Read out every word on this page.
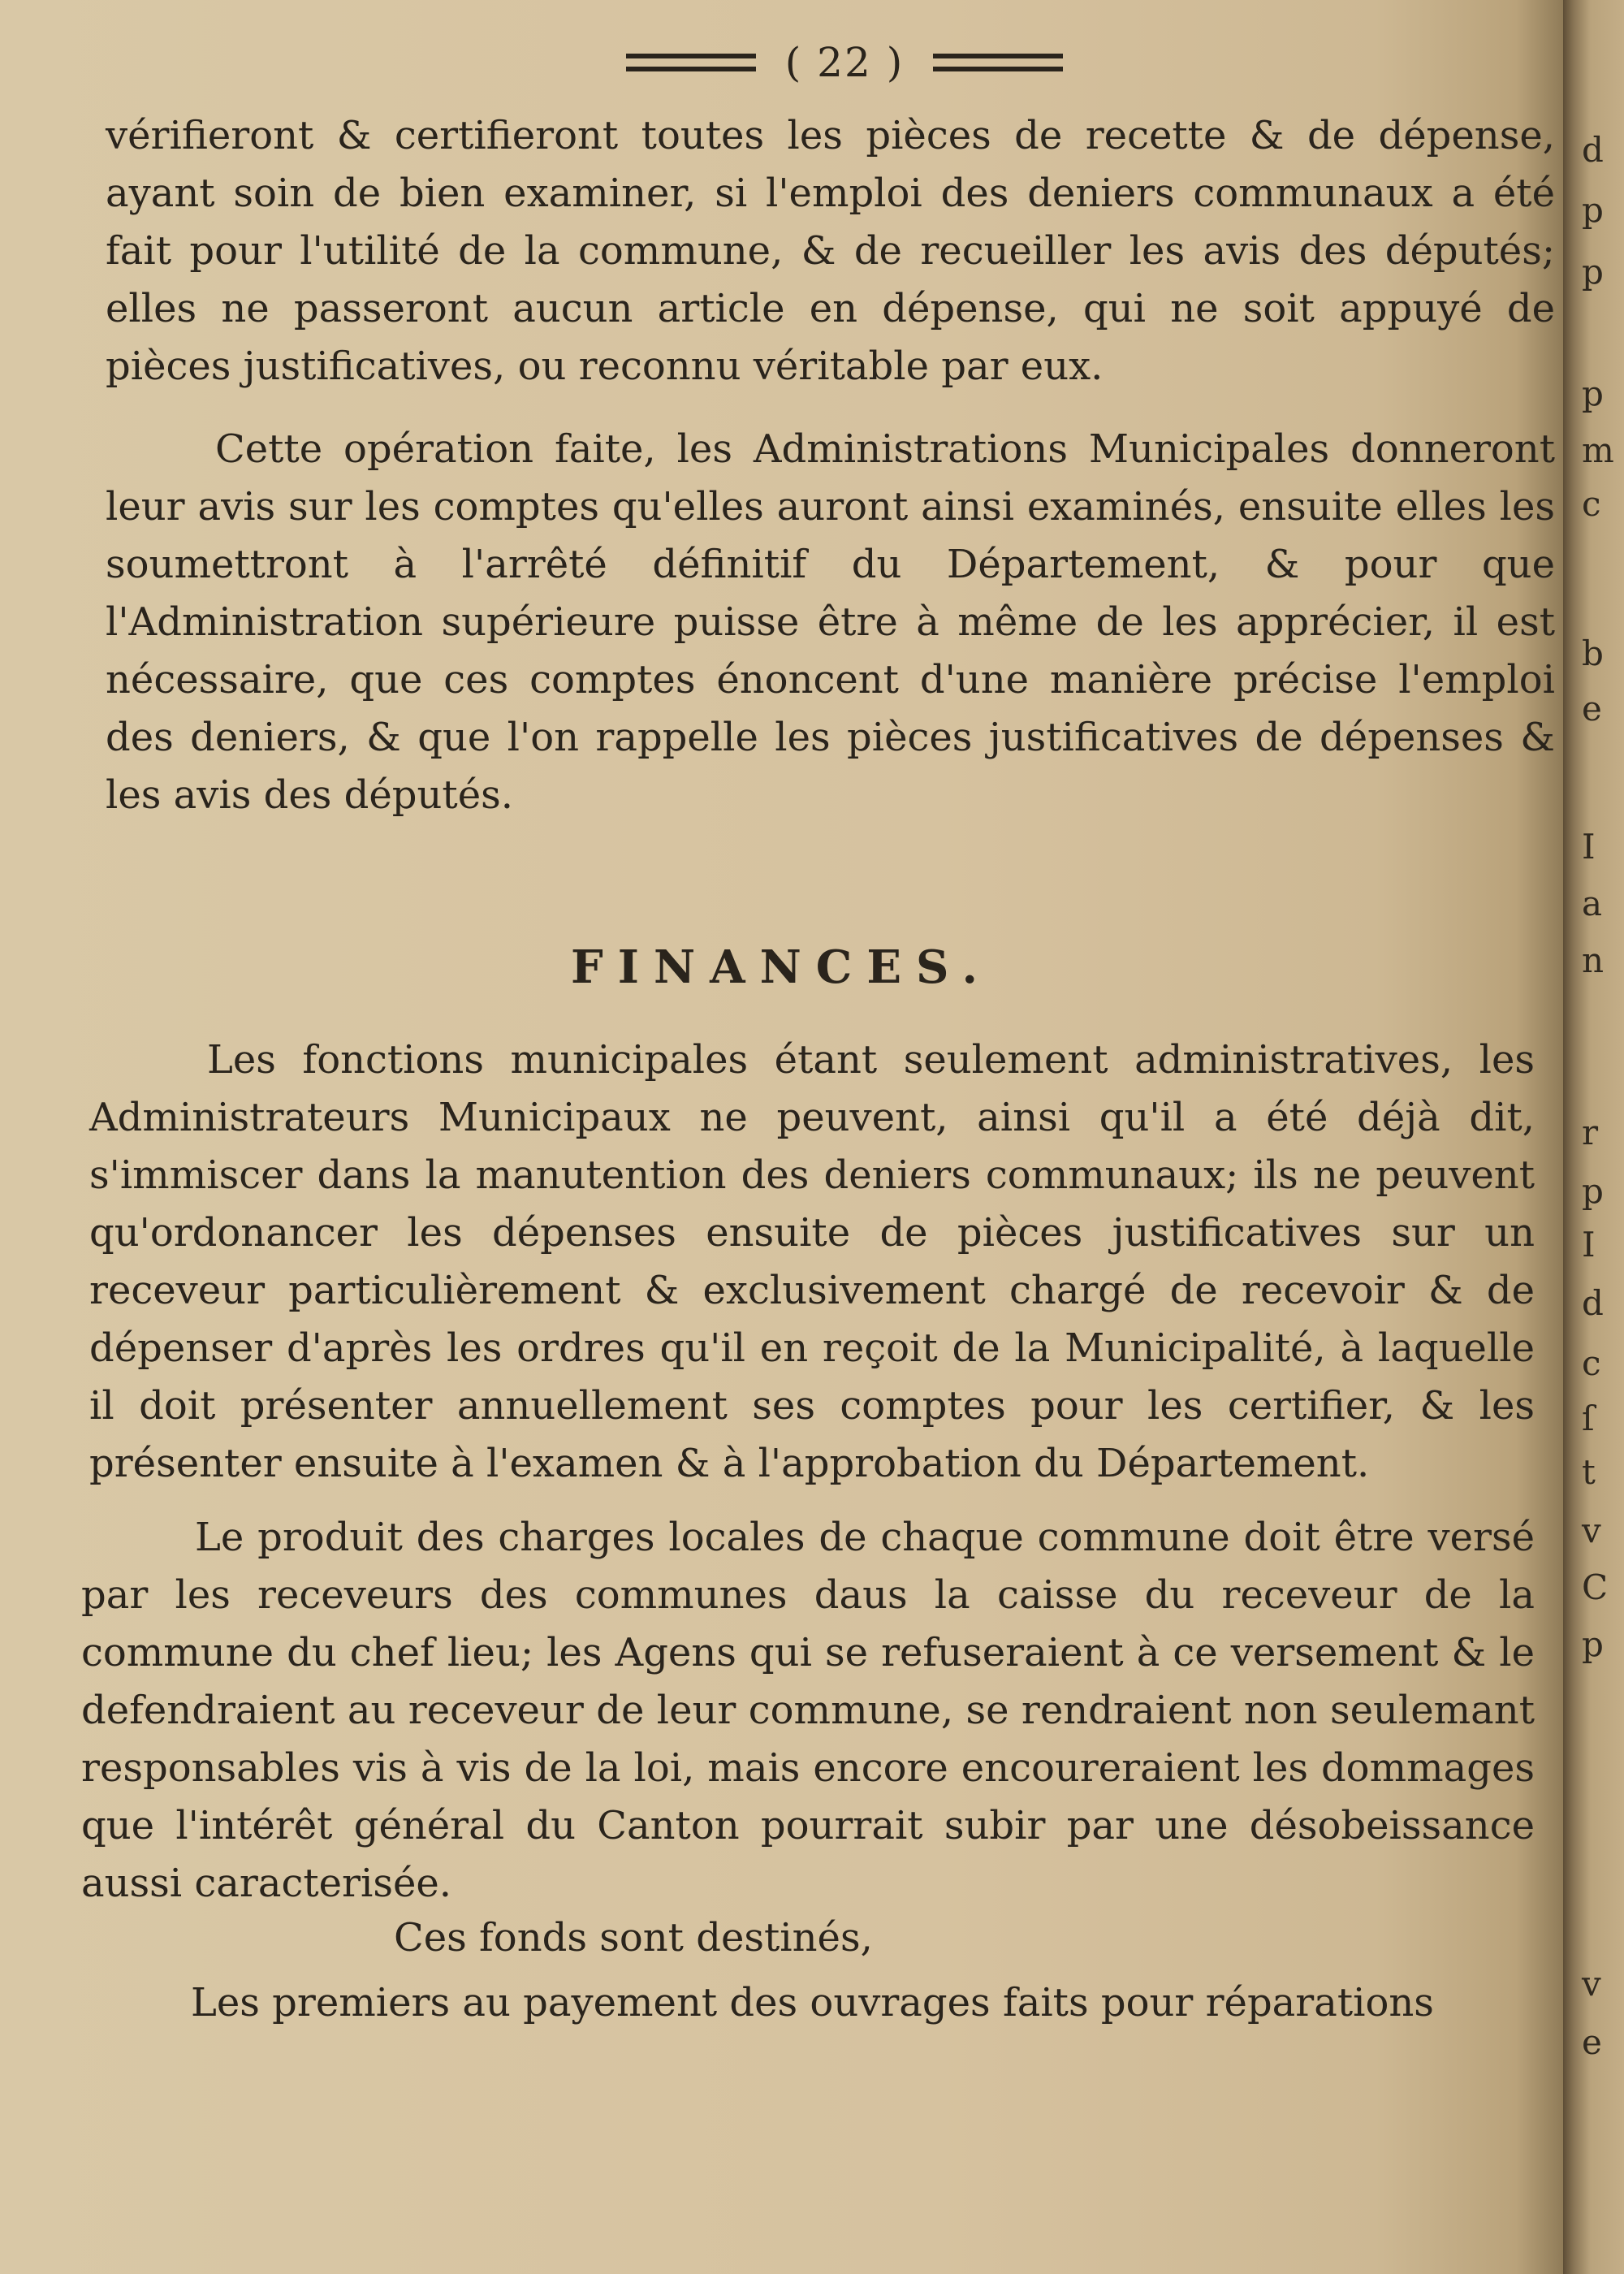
( 22 )

vérifieront & certifieront toutes les pièces de recette & de dépense, ayant soin de bien examiner, si l'emploi des deniers communaux a été fait pour l'utilité de la commune, & de recueiller les avis des députés; elles ne passeront aucun article en dépense, qui ne soit appuyé de pièces justificatives, ou reconnu véritable par eux.

Cette opération faite, les Administrations Municipales donneront leur avis sur les comptes qu'elles auront ainsi examinés, ensuite elles les soumettront à l'arrêté définitif du Département, & pour que l'Administration supérieure puisse être à même de les apprécier, il est nécessaire, que ces comptes énoncent d'une manière précise l'emploi des deniers, & que l'on rappelle les pièces justificatives de dépenses & les avis des députés.

FINANCES.

Les fonctions municipales étant seulement administratives, les Administrateurs Municipaux ne peuvent, ainsi qu'il a été déjà dit, s'immiscer dans la manutention des deniers communaux; ils ne peuvent qu'ordonancer les dépenses ensuite de pièces justificatives sur un receveur particulièrement & exclusivement chargé de recevoir & de dépenser d'après les ordres qu'il en reçoit de la Municipalité, à laquelle il doit présenter annuellement ses comptes pour les certifier, & les présenter ensuite à l'examen & à l'approbation du Département.

Le produit des charges locales de chaque commune doit être versé par les receveurs des communes daus la caisse du receveur de la commune du chef lieu; les Agens qui se refuseraient à ce versement & le defendraient au receveur de leur commune, se rendraient non seulemant responsables vis à vis de la loi, mais encore encoureraient les dommages que l'intérêt général du Canton pourrait subir par une désobeissance aussi caracterisée.

Ces fonds sont destinés,

Les premiers au payement des ouvrages faits pour réparations

d
p
p
p
m
c
b
e
I
a
n
r
p
I
d
c
ſ
t
v
C
p
v
e
